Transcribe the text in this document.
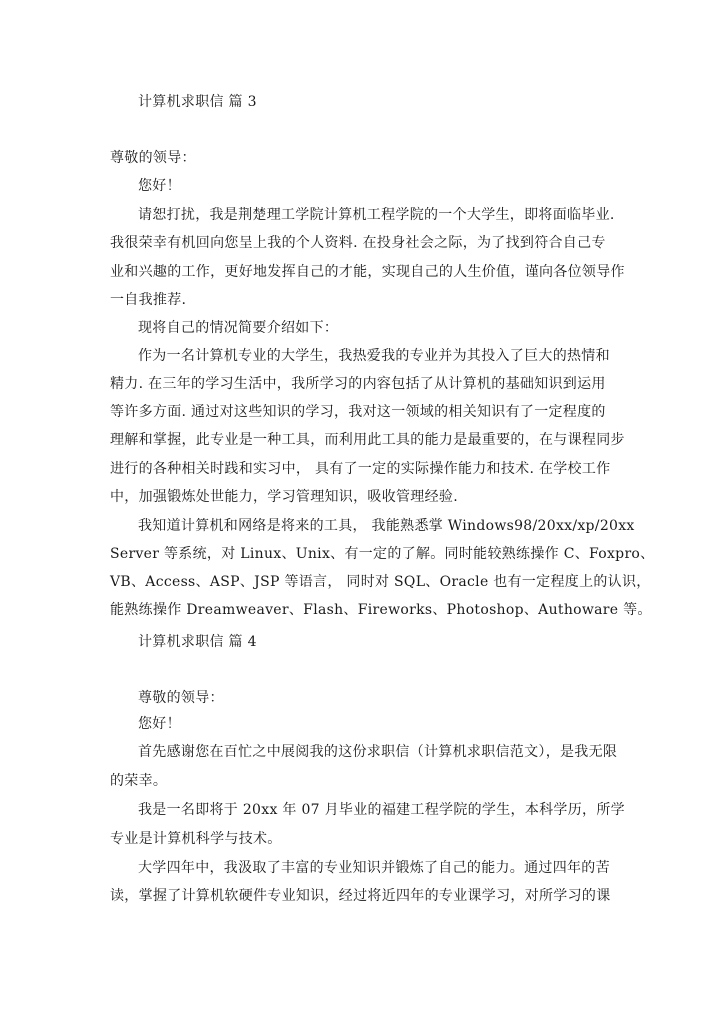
计算机求职信 篇 3
尊敬的领导：
您好！
请恕打扰，我是荆楚理工学院计算机工程学院的一个大学生，即将面临毕业.
我很荣幸有机回向您呈上我的个人资料. 在投身社会之际，为了找到符合自己专
业和兴趣的工作，更好地发挥自己的才能，实现自己的人生价值，谨向各位领导作
一自我推荐.
现将自己的情况简要介绍如下：
作为一名计算机专业的大学生，我热爱我的专业并为其投入了巨大的热情和
精力. 在三年的学习生活中，我所学习的内容包括了从计算机的基础知识到运用
等许多方面. 通过对这些知识的学习，我对这一领域的相关知识有了一定程度的
理解和掌握，此专业是一种工具，而利用此工具的能力是最重要的，在与课程同步
进行的各种相关时践和实习中， 具有了一定的实际操作能力和技术. 在学校工作
中，加强锻炼处世能力，学习管理知识，吸收管理经验.
我知道计算机和网络是将来的工具， 我能熟悉掌 Windows98/20xx/xp/20xx
Server 等系统，对 Linux、Unix、有一定的了解。同时能较熟练操作 C、Foxpro、
VB、Access、ASP、JSP 等语言， 同时对 SQL、Oracle 也有一定程度上的认识，
能熟练操作 Dreamweaver、Flash、Fireworks、Photoshop、Authoware 等。
计算机求职信 篇 4
尊敬的领导：
您好！
首先感谢您在百忙之中展阅我的这份求职信（计算机求职信范文），是我无限
的荣幸。
我是一名即将于 20xx 年 07 月毕业的福建工程学院的学生，本科学历，所学
专业是计算机科学与技术。
大学四年中，我汲取了丰富的专业知识并锻炼了自己的能力。通过四年的苦
读，掌握了计算机软硬件专业知识，经过将近四年的专业课学习，对所学习的课
